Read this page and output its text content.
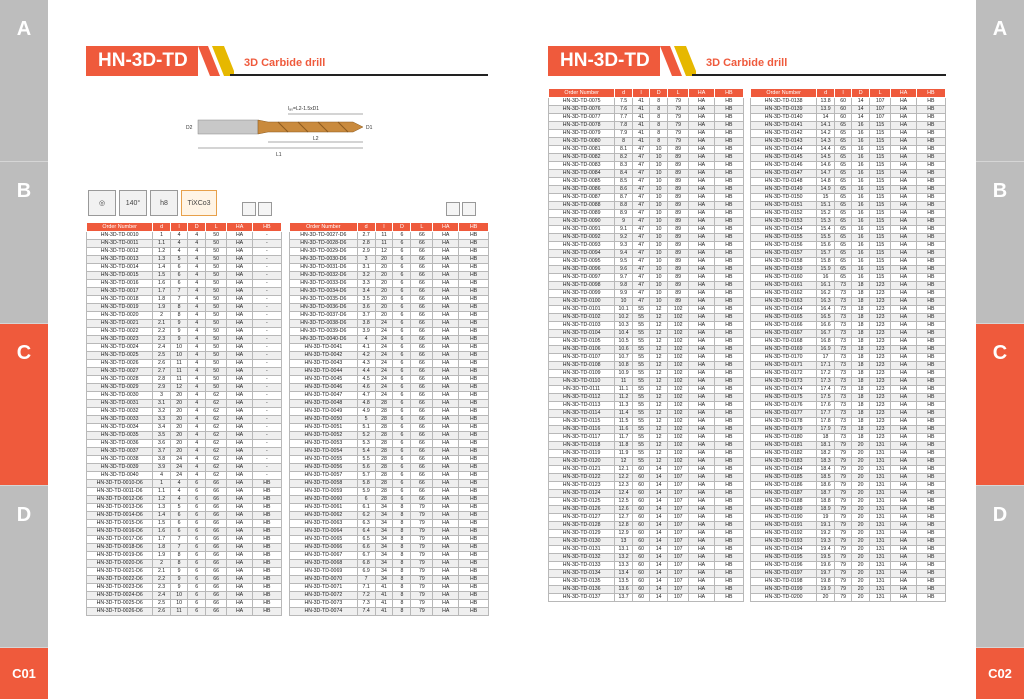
A
B
C
D
C01
A
B
C
D
C02
HN-3D-TD	3D Carbide drill	HN-3D-TD	3D Carbide drill
lₐ₀=L2-1.5xD1
D2	D1
L1
L2
◎	140°	h8	TiXCo3
Order Number	d	l	D	L	HA	HB
HN-3D-TD-0010	1	4	4	50	HA	-
HN-3D-TD-0011	1.1	4	4	50	HA	-
HN-3D-TD-0012	1.2	4	4	50	HA	-
HN-3D-TD-0013	1.3	5	4	50	HA	-
HN-3D-TD-0014	1.4	6	4	50	HA	-
HN-3D-TD-0015	1.5	6	4	50	HA	-
HN-3D-TD-0016	1.6	6	4	50	HA	-
HN-3D-TD-0017	1.7	7	4	50	HA	-
HN-3D-TD-0018	1.8	7	4	50	HA	-
HN-3D-TD-0019	1.9	8	4	50	HA	-
HN-3D-TD-0020	2	8	4	50	HA	-
HN-3D-TD-0021	2.1	9	4	50	HA	-
HN-3D-TD-0022	2.2	9	4	50	HA	-
HN-3D-TD-0023	2.3	9	4	50	HA	-
HN-3D-TD-0024	2.4	10	4	50	HA	-
HN-3D-TD-0025	2.5	10	4	50	HA	-
HN-3D-TD-0026	2.6	11	4	50	HA	-
HN-3D-TD-0027	2.7	11	4	50	HA	-
HN-3D-TD-0028	2.8	11	4	50	HA	-
HN-3D-TD-0029	2.9	12	4	50	HA	-
HN-3D-TD-0030	3	20	4	62	HA	-
HN-3D-TD-0031	3.1	20	4	62	HA	-
HN-3D-TD-0032	3.2	20	4	62	HA	-
HN-3D-TD-0033	3.3	20	4	62	HA	-
HN-3D-TD-0034	3.4	20	4	62	HA	-
HN-3D-TD-0035	3.5	20	4	62	HA	-
HN-3D-TD-0036	3.6	20	4	62	HA	-
HN-3D-TD-0037	3.7	20	4	62	HA	-
HN-3D-TD-0038	3.8	24	4	62	HA	-
HN-3D-TD-0039	3.9	24	4	62	HA	-
HN-3D-TD-0040	4	24	4	62	HA	-
HN-3D-TD-0010-D6	1	4	6	66	HA	HB
HN-3D-TD-0011-D6	1.1	4	6	66	HA	HB
HN-3D-TD-0012-D6	1.2	4	6	66	HA	HB
HN-3D-TD-0013-D6	1.3	5	6	66	HA	HB
HN-3D-TD-0014-D6	1.4	6	6	66	HA	HB
HN-3D-TD-0015-D6	1.5	6	6	66	HA	HB
HN-3D-TD-0016-D6	1.6	6	6	66	HA	HB
HN-3D-TD-0017-D6	1.7	7	6	66	HA	HB
HN-3D-TD-0018-D6	1.8	7	6	66	HA	HB
HN-3D-TD-0019-D6	1.9	8	6	66	HA	HB
HN-3D-TD-0020-D6	2	8	6	66	HA	HB
HN-3D-TD-0021-D6	2.1	9	6	66	HA	HB
HN-3D-TD-0022-D6	2.2	9	6	66	HA	HB
HN-3D-TD-0023-D6	2.3	9	6	66	HA	HB
HN-3D-TD-0024-D6	2.4	10	6	66	HA	HB
HN-3D-TD-0025-D6	2.5	10	6	66	HA	HB
HN-3D-TD-0026-D6	2.6	11	6	66	HA	HB
Order Number	d	l	D	L	HA	HB
HN-3D-TD-0027-D6	2.7	11	6	66	HA	HB
HN-3D-TD-0028-D6	2.8	11	6	66	HA	HB
HN-3D-TD-0029-D6	2.9	12	6	66	HA	HB
HN-3D-TD-0030-D6	3	20	6	66	HA	HB
HN-3D-TD-0031-D6	3.1	20	6	66	HA	HB
HN-3D-TD-0032-D6	3.2	20	6	66	HA	HB
HN-3D-TD-0033-D6	3.3	20	6	66	HA	HB
HN-3D-TD-0034-D6	3.4	20	6	66	HA	HB
HN-3D-TD-0035-D6	3.5	20	6	66	HA	HB
HN-3D-TD-0036-D6	3.6	20	6	66	HA	HB
HN-3D-TD-0037-D6	3.7	20	6	66	HA	HB
HN-3D-TD-0038-D6	3.8	24	6	66	HA	HB
HN-3D-TD-0039-D6	3.9	24	6	66	HA	HB
HN-3D-TD-0040-D6	4	24	6	66	HA	HB
HN-3D-TD-0041	4.1	24	6	66	HA	HB
HN-3D-TD-0042	4.2	24	6	66	HA	HB
HN-3D-TD-0043	4.3	24	6	66	HA	HB
HN-3D-TD-0044	4.4	24	6	66	HA	HB
HN-3D-TD-0045	4.5	24	6	66	HA	HB
HN-3D-TD-0046	4.6	24	6	66	HA	HB
HN-3D-TD-0047	4.7	24	6	66	HA	HB
HN-3D-TD-0048	4.8	28	6	66	HA	HB
HN-3D-TD-0049	4.9	28	6	66	HA	HB
HN-3D-TD-0050	5	28	6	66	HA	HB
HN-3D-TD-0051	5.1	28	6	66	HA	HB
HN-3D-TD-0052	5.2	28	6	66	HA	HB
HN-3D-TD-0053	5.3	28	6	66	HA	HB
HN-3D-TD-0054	5.4	28	6	66	HA	HB
HN-3D-TD-0055	5.5	28	6	66	HA	HB
HN-3D-TD-0056	5.6	28	6	66	HA	HB
HN-3D-TD-0057	5.7	28	6	66	HA	HB
HN-3D-TD-0058	5.8	28	6	66	HA	HB
HN-3D-TD-0059	5.9	28	6	66	HA	HB
HN-3D-TD-0060	6	28	6	66	HA	HB
HN-3D-TD-0061	6.1	34	8	79	HA	HB
HN-3D-TD-0062	6.2	34	8	79	HA	HB
HN-3D-TD-0063	6.3	34	8	79	HA	HB
HN-3D-TD-0064	6.4	34	8	79	HA	HB
HN-3D-TD-0065	6.5	34	8	79	HA	HB
HN-3D-TD-0066	6.6	34	8	79	HA	HB
HN-3D-TD-0067	6.7	34	8	79	HA	HB
HN-3D-TD-0068	6.8	34	8	79	HA	HB
HN-3D-TD-0069	6.9	34	8	79	HA	HB
HN-3D-TD-0070	7	34	8	79	HA	HB
HN-3D-TD-0071	7.1	41	8	79	HA	HB
HN-3D-TD-0072	7.2	41	8	79	HA	HB
HN-3D-TD-0073	7.3	41	8	79	HA	HB
HN-3D-TD-0074	7.4	41	8	79	HA	HB
Order Number	d	l	D	L	HA	HB
HN-3D-TD-0075	7.5	41	8	79	HA	HB
HN-3D-TD-0076	7.6	41	8	79	HA	HB
HN-3D-TD-0077	7.7	41	8	79	HA	HB
HN-3D-TD-0078	7.8	41	8	79	HA	HB
HN-3D-TD-0079	7.9	41	8	79	HA	HB
HN-3D-TD-0080	8	41	8	79	HA	HB
HN-3D-TD-0081	8.1	47	10	89	HA	HB
HN-3D-TD-0082	8.2	47	10	89	HA	HB
HN-3D-TD-0083	8.3	47	10	89	HA	HB
HN-3D-TD-0084	8.4	47	10	89	HA	HB
HN-3D-TD-0085	8.5	47	10	89	HA	HB
HN-3D-TD-0086	8.6	47	10	89	HA	HB
HN-3D-TD-0087	8.7	47	10	89	HA	HB
HN-3D-TD-0088	8.8	47	10	89	HA	HB
HN-3D-TD-0089	8.9	47	10	89	HA	HB
HN-3D-TD-0090	9	47	10	89	HA	HB
HN-3D-TD-0091	9.1	47	10	89	HA	HB
HN-3D-TD-0092	9.2	47	10	89	HA	HB
HN-3D-TD-0093	9.3	47	10	89	HA	HB
HN-3D-TD-0094	9.4	47	10	89	HA	HB
HN-3D-TD-0095	9.5	47	10	89	HA	HB
HN-3D-TD-0096	9.6	47	10	89	HA	HB
HN-3D-TD-0097	9.7	47	10	89	HA	HB
HN-3D-TD-0098	9.8	47	10	89	HA	HB
HN-3D-TD-0099	9.9	47	10	89	HA	HB
HN-3D-TD-0100	10	47	10	89	HA	HB
HN-3D-TD-0101	10.1	55	12	102	HA	HB
HN-3D-TD-0102	10.2	55	12	102	HA	HB
HN-3D-TD-0103	10.3	55	12	102	HA	HB
HN-3D-TD-0104	10.4	55	12	102	HA	HB
HN-3D-TD-0105	10.5	55	12	102	HA	HB
HN-3D-TD-0106	10.6	55	12	102	HA	HB
HN-3D-TD-0107	10.7	55	12	102	HA	HB
HN-3D-TD-0108	10.8	55	12	102	HA	HB
HN-3D-TD-0109	10.9	55	12	102	HA	HB
HN-3D-TD-0110	11	55	12	102	HA	HB
HN-3D-TD-0111	11.1	55	12	102	HA	HB
HN-3D-TD-0112	11.2	55	12	102	HA	HB
HN-3D-TD-0113	11.3	55	12	102	HA	HB
HN-3D-TD-0114	11.4	55	12	102	HA	HB
HN-3D-TD-0115	11.5	55	12	102	HA	HB
HN-3D-TD-0116	11.6	55	12	102	HA	HB
HN-3D-TD-0117	11.7	55	12	102	HA	HB
HN-3D-TD-0118	11.8	55	12	102	HA	HB
HN-3D-TD-0119	11.9	55	12	102	HA	HB
HN-3D-TD-0120	12	55	12	102	HA	HB
HN-3D-TD-0121	12.1	60	14	107	HA	HB
HN-3D-TD-0122	12.2	60	14	107	HA	HB
HN-3D-TD-0123	12.3	60	14	107	HA	HB
HN-3D-TD-0124	12.4	60	14	107	HA	HB
HN-3D-TD-0125	12.5	60	14	107	HA	HB
HN-3D-TD-0126	12.6	60	14	107	HA	HB
HN-3D-TD-0127	12.7	60	14	107	HA	HB
HN-3D-TD-0128	12.8	60	14	107	HA	HB
HN-3D-TD-0129	12.9	60	14	107	HA	HB
HN-3D-TD-0130	13	60	14	107	HA	HB
HN-3D-TD-0131	13.1	60	14	107	HA	HB
HN-3D-TD-0132	13.2	60	14	107	HA	HB
HN-3D-TD-0133	13.3	60	14	107	HA	HB
HN-3D-TD-0134	13.4	60	14	107	HA	HB
HN-3D-TD-0135	13.5	60	14	107	HA	HB
HN-3D-TD-0136	13.6	60	14	107	HA	HB
HN-3D-TD-0137	13.7	60	14	107	HA	HB
Order Number	d	l	D	L	HA	HB
HN-3D-TD-0138	13.8	60	14	107	HA	HB
HN-3D-TD-0139	13.9	60	14	107	HA	HB
HN-3D-TD-0140	14	60	14	107	HA	HB
HN-3D-TD-0141	14.1	65	16	115	HA	HB
HN-3D-TD-0142	14.2	65	16	115	HA	HB
HN-3D-TD-0143	14.3	65	16	115	HA	HB
HN-3D-TD-0144	14.4	65	16	115	HA	HB
HN-3D-TD-0145	14.5	65	16	115	HA	HB
HN-3D-TD-0146	14.6	65	16	115	HA	HB
HN-3D-TD-0147	14.7	65	16	115	HA	HB
HN-3D-TD-0148	14.8	65	16	115	HA	HB
HN-3D-TD-0149	14.9	65	16	115	HA	HB
HN-3D-TD-0150	15	65	16	115	HA	HB
HN-3D-TD-0151	15.1	65	16	115	HA	HB
HN-3D-TD-0152	15.2	65	16	115	HA	HB
HN-3D-TD-0153	15.3	65	16	115	HA	HB
HN-3D-TD-0154	15.4	65	16	115	HA	HB
HN-3D-TD-0155	15.5	65	16	115	HA	HB
HN-3D-TD-0156	15.6	65	16	115	HA	HB
HN-3D-TD-0157	15.7	65	16	115	HA	HB
HN-3D-TD-0158	15.8	65	16	115	HA	HB
HN-3D-TD-0159	15.9	65	16	115	HA	HB
HN-3D-TD-0160	16	65	16	115	HA	HB
HN-3D-TD-0161	16.1	73	18	123	HA	HB
HN-3D-TD-0162	16.2	73	18	123	HA	HB
HN-3D-TD-0163	16.3	73	18	123	HA	HB
HN-3D-TD-0164	16.4	73	18	123	HA	HB
HN-3D-TD-0165	16.5	73	18	123	HA	HB
HN-3D-TD-0166	16.6	73	18	123	HA	HB
HN-3D-TD-0167	16.7	73	18	123	HA	HB
HN-3D-TD-0168	16.8	73	18	123	HA	HB
HN-3D-TD-0169	16.9	73	18	123	HA	HB
HN-3D-TD-0170	17	73	18	123	HA	HB
HN-3D-TD-0171	17.1	73	18	123	HA	HB
HN-3D-TD-0172	17.2	73	18	123	HA	HB
HN-3D-TD-0173	17.3	73	18	123	HA	HB
HN-3D-TD-0174	17.4	73	18	123	HA	HB
HN-3D-TD-0175	17.5	73	18	123	HA	HB
HN-3D-TD-0176	17.6	73	18	123	HA	HB
HN-3D-TD-0177	17.7	73	18	123	HA	HB
HN-3D-TD-0178	17.8	73	18	123	HA	HB
HN-3D-TD-0179	17.9	73	18	123	HA	HB
HN-3D-TD-0180	18	73	18	123	HA	HB
HN-3D-TD-0181	18.1	79	20	131	HA	HB
HN-3D-TD-0182	18.2	79	20	131	HA	HB
HN-3D-TD-0183	18.3	79	20	131	HA	HB
HN-3D-TD-0184	18.4	79	20	131	HA	HB
HN-3D-TD-0185	18.5	79	20	131	HA	HB
HN-3D-TD-0186	18.6	79	20	131	HA	HB
HN-3D-TD-0187	18.7	79	20	131	HA	HB
HN-3D-TD-0188	18.8	79	20	131	HA	HB
HN-3D-TD-0189	18.9	79	20	131	HA	HB
HN-3D-TD-0190	19	79	20	131	HA	HB
HN-3D-TD-0191	19.1	79	20	131	HA	HB
HN-3D-TD-0192	19.2	79	20	131	HA	HB
HN-3D-TD-0193	19.3	79	20	131	HA	HB
HN-3D-TD-0194	19.4	79	20	131	HA	HB
HN-3D-TD-0195	19.5	79	20	131	HA	HB
HN-3D-TD-0196	19.6	79	20	131	HA	HB
HN-3D-TD-0197	19.7	79	20	131	HA	HB
HN-3D-TD-0198	19.8	79	20	131	HA	HB
HN-3D-TD-0199	19.9	79	20	131	HA	HB
HN-3D-TD-0200	20	79	20	131	HA	HB
